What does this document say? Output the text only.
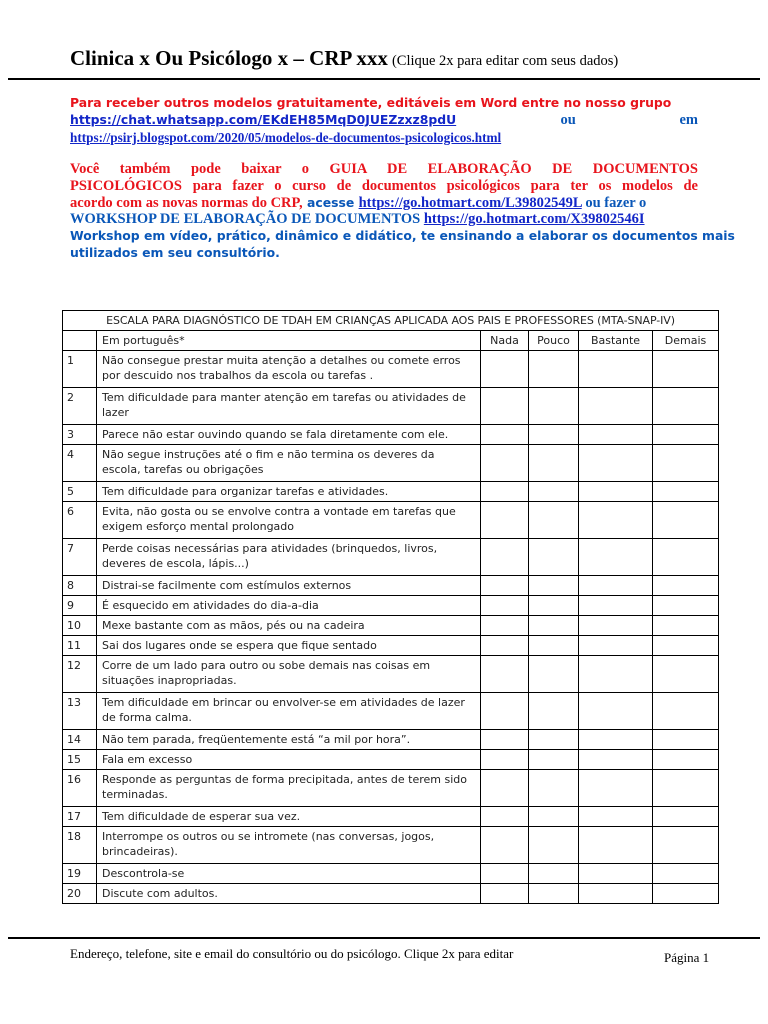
Clinica x Ou Psicólogo x – CRP xxx (Clique 2x para editar com seus dados)
Para receber outros modelos gratuitamente, editáveis em Word entre no nosso grupo
https://chat.whatsapp.com/EKdEH85MqD0JUEZzxz8pdU	ou em
https://psirj.blogspot.com/2020/05/modelos-de-documentos-psicologicos.html
Você também pode baixar o GUIA DE ELABORAÇÃO DE DOCUMENTOS
PSICOLÓGICOS para fazer o curso de documentos psicológicos para ter os modelos de
acordo com as novas normas do CRP, acesse https://go.hotmart.com/L39802549L ou fazer o
WORKSHOP DE ELABORAÇÃO DE DOCUMENTOS https://go.hotmart.com/X39802546I
Workshop em vídeo, prático, dinâmico e didático, te ensinando a elaborar os documentos mais
utilizados em seu consultório.
ESCALA PARA DIAGNÓSTICO DE TDAH EM CRIANÇAS APLICADA AOS PAIS E PROFESSORES (MTA-SNAP-IV)					
	Em português*	Nada	Pouco	Bastante	Demais
1	Não consegue prestar muita atenção a detalhes ou comete erros por descuido nos trabalhos da escola ou tarefas .				
2	Tem dificuldade para manter atenção em tarefas ou atividades de lazer				
3	Parece não estar ouvindo quando se fala diretamente com ele.				
4	Não segue instruções até o fim e não termina os deveres da escola, tarefas ou obrigações				
5	Tem dificuldade para organizar tarefas e atividades.				
6	Evita, não gosta ou se envolve contra a vontade em tarefas que exigem esforço mental prolongado				
7	Perde coisas necessárias para atividades (brinquedos, livros, deveres de escola, lápis...)				
8	Distrai-se facilmente com estímulos externos				
9	É esquecido em atividades do dia-a-dia				
10	Mexe bastante com as mãos, pés ou na cadeira				
11	Sai dos lugares onde se espera que fique sentado				
12	Corre de um lado para outro ou sobe demais nas coisas em situações inapropriadas.				
13	Tem dificuldade em brincar ou envolver-se em atividades de lazer de forma calma.				
14	Não tem parada, freqüentemente está “a mil por hora”.				
15	Fala em excesso				
16	Responde as perguntas de forma precipitada, antes de terem sido terminadas.				
17	Tem dificuldade de esperar sua vez.				
18	Interrompe os outros ou se intromete (nas conversas, jogos, brincadeiras).				
19	Descontrola-se				
20	Discute com adultos.				
Endereço, telefone, site e email do consultório ou do psicólogo. Clique 2x para editar	Página 1
